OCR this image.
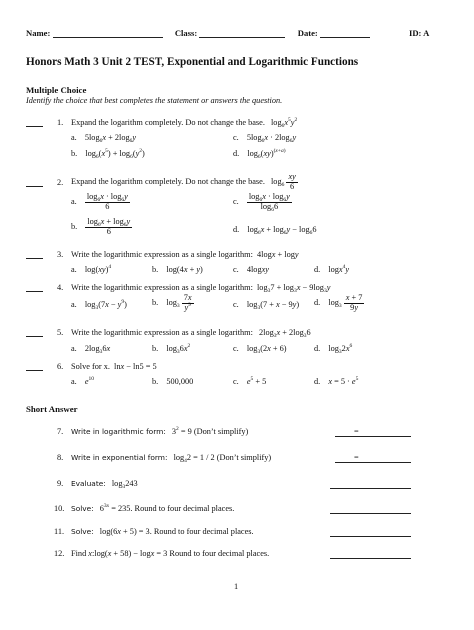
Name:	Class:	Date:	ID: A
Honors Math 3 Unit 2 TEST, Exponential and Logarithmic Functions
Multiple Choice
Identify the choice that best completes the statement or answers the question.
1. Expand the logarithm completely. Do not change the base. $\log_6x^5y^2$
a. $5\log_6x + 2\log_6y$	c. $5\log_6x \cdot 2\log_6y$
b. $\log_6(x^5) + \log_6(y^2)$	d. $\log_6(xy)^{(x+a)}$
2. Expand the logarithm completely. Do not change the base. $\log_6 \frac{xy}{6}$
a. $\frac{\log_6x \cdot \log_6y}{6}$	c. $\frac{\log_6x \cdot \log_6y}{\log_66}$
b. $\frac{\log_6x + \log_6y}{6}$	d. $\log_6x + \log_6y - \log_66$
3. Write the logarithmic expression as a single logarithm: 4logx + logy
a. log(xy)$^4$	b. log(4x + y)	c. 4logxy	d. logx$^4$y
4. Write the logarithmic expression as a single logarithm: $\log_37 + \log_3x - 9\log_3y$
a. $\log_3(7x - y^9)$	b. $\log_3 \frac{7x}{y^9}$	c. $\log_3(7 + x - 9y)$ d. $\log_3 \frac{x + 7}{9y}$
5. Write the logarithmic expression as a single logarithm: $2\log_3x + 2\log_36$
a. $2\log_36x$	b. $\log_36x^2$	c. $\log_3(2x + 6)$	d. $\log_32x^6$
6. Solve for x. lnx − ln5 = 5
a. $e^{10}$	b. 500,000	c. $e^5 + 5$	d. $x = 5 \cdot e^5$
Short Answer
7. Write in logarithmic form: $3^2 = 9$ (Don’t simplify)	=
8. Write in exponential form: $\log_42 = 1 / 2$ (Don’t simplify)	=
9. Evaluate: $\log_3243$
10. Solve: $6^{3x} = 235$. Round to four decimal places.
11. Solve: log(6x + 5) = 3. Round to four decimal places.
12. Find x:log(x + 58) − logx = 3 Round to four decimal places.
1
